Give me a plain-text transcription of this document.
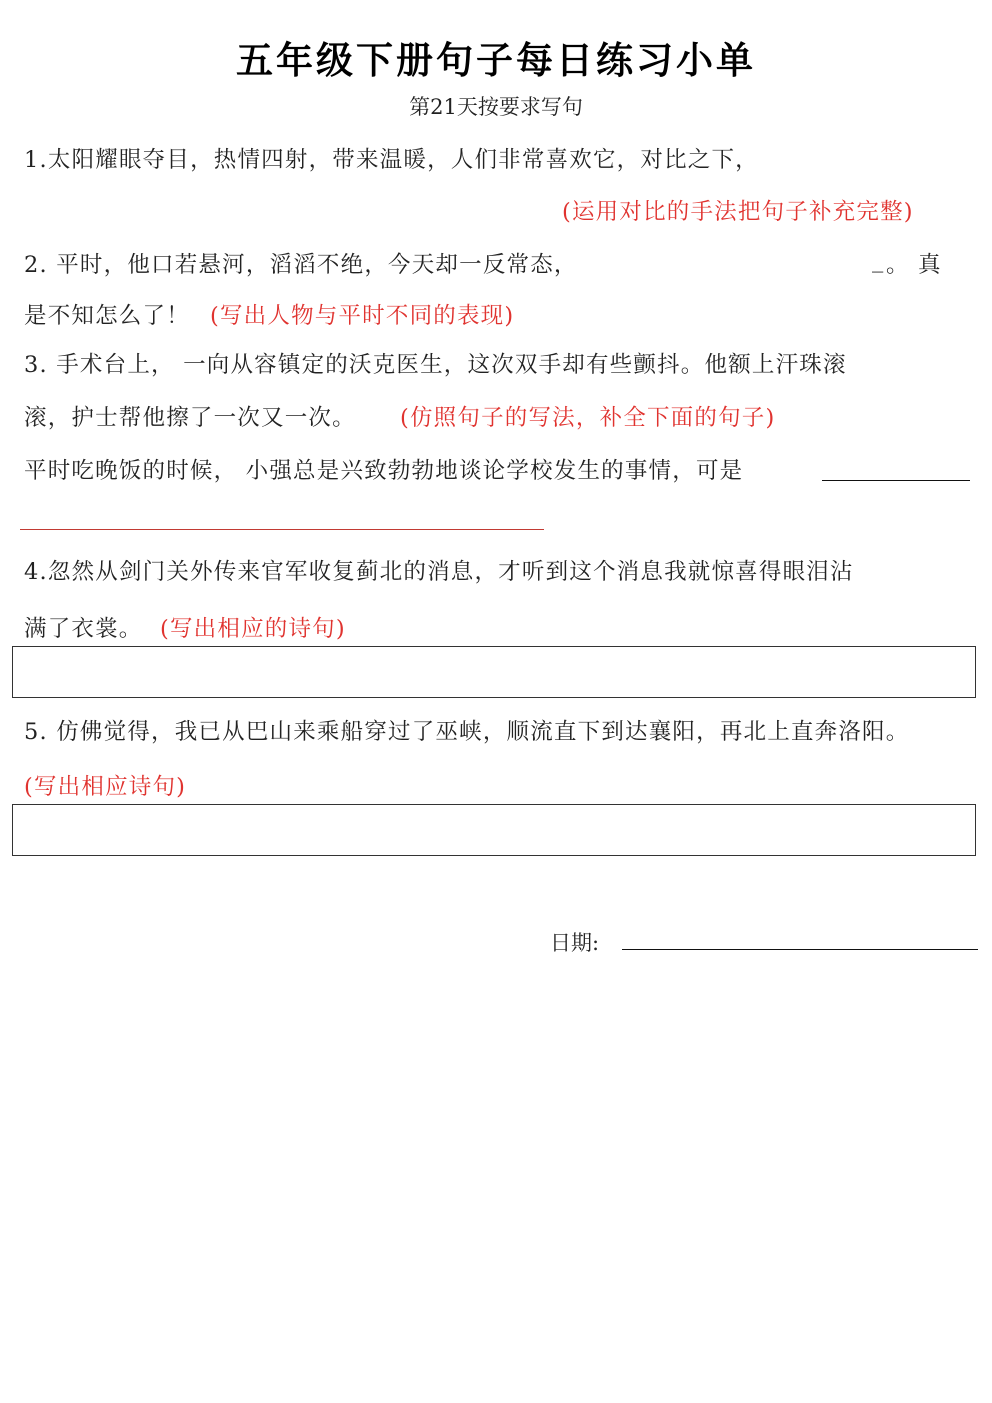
五年级下册句子每日练习小单
第21天按要求写句
1.太阳耀眼夺目，热情四射，带来温暖，人们非常喜欢它，对比之下，
(运用对比的手法把句子补充完整)
2. 平时，他口若悬河，滔滔不绝，今天却一反常态，	_ 。 真
是不知怎么了！ (写出人物与平时不同的表现)
3. 手术台上， 一向从容镇定的沃克医生，这次双手却有些颤抖。他额上汗珠滚
滚，护士帮他擦了一次又一次。 (仿照句子的写法，补全下面的句子)
平时吃晚饭的时候， 小强总是兴致勃勃地谈论学校发生的事情，可是
4.忽然从剑门关外传来官军收复蓟北的消息，才听到这个消息我就惊喜得眼泪沾
满了衣裳。 (写出相应的诗句)
5. 仿佛觉得，我已从巴山来乘船穿过了巫峡，顺流直下到达襄阳，再北上直奔洛阳。
(写出相应诗句)
日期:
